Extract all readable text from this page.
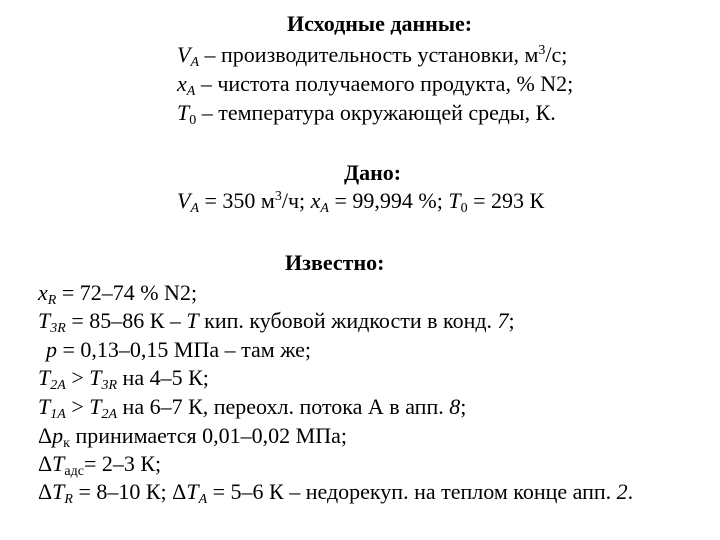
Исходные данные:
$V_A$ – производительность установки, $м^3/с$;
$x_A$ – чистота получаемого продукта, % N2;
$T_0$ – температура окружающей среды, К.
Дано:
$V_A = 350$ $м^3/ч$; $x_A = 99,994$ %; $T_0 = 293$ К
Известно:
$x_R = 72-74$ % N2;
$T_{3R} = 85-86$ К – T кип. кубовой жидкости в конд. 7;
p = 0,13–0,15 МПа – там же;
$T_{2A} > T_{3R}$ на 4–5 К;
$T_{1A} > T_{2A}$ на 6–7 К, переохл. потока А в апп. 8;
$\Delta p_к$ принимается 0,01–0,02 МПа;
$\Delta T_{адс}= 2-3$ К;
$\Delta T_R = 8-10$ К; $\Delta T_A = 5-6$ К – недорекуп. на теплом конце апп. 2.
